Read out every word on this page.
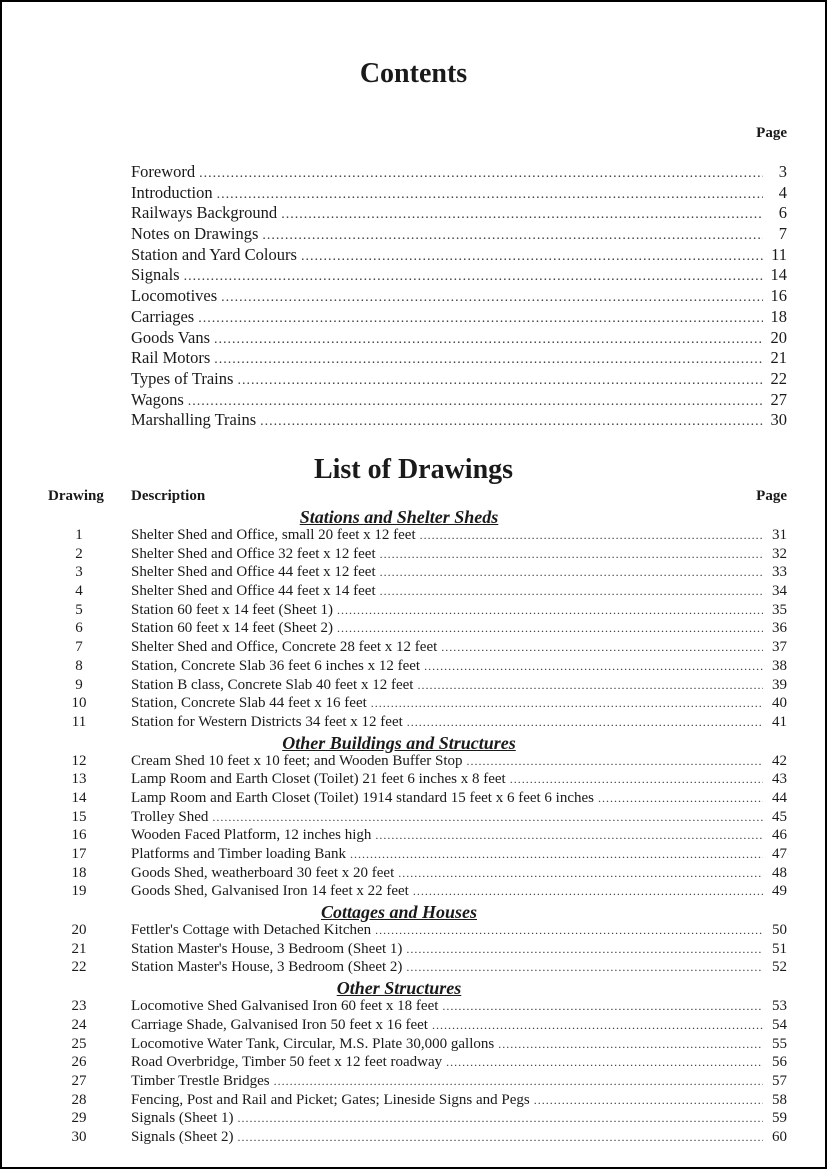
Contents
Page
Foreword .....	3
Introduction .....	4
Railways Background .....	6
Notes on Drawings .....	7
Station and Yard Colours .....	11
Signals .....	14
Locomotives .....	16
Carriages .....	18
Goods Vans .....	20
Rail Motors .....	21
Types of Trains .....	22
Wagons .....	27
Marshalling Trains .....	30
List of Drawings
Drawing Description	Page
Stations and Shelter Sheds
1	Shelter Shed and Office, small 20 feet x 12 feet .....	31
2	Shelter Shed and Office 32 feet x 12 feet .....	32
3	Shelter Shed and Office 44 feet x 12 feet .....	33
4	Shelter Shed and Office 44 feet x 14 feet .....	34
5	Station 60 feet x 14 feet (Sheet 1) .....	35
6	Station 60 feet x 14 feet (Sheet 2) .....	36
7	Shelter Shed and Office, Concrete 28 feet x 12 feet .....	37
8	Station, Concrete Slab 36 feet 6 inches x 12 feet .....	38
9	Station B class, Concrete Slab 40 feet x 12 feet .....	39
10	Station, Concrete Slab 44 feet x 16 feet .....	40
11	Station for Western Districts 34 feet x 12 feet .....	41
Other Buildings and Structures
12	Cream Shed 10 feet x 10 feet; and Wooden Buffer Stop .....	42
13	Lamp Room and Earth Closet (Toilet) 21 feet 6 inches x 8 feet .....	43
14	Lamp Room and Earth Closet (Toilet) 1914 standard 15 feet x 6 feet 6 inches .....	44
15	Trolley Shed .....	45
16	Wooden Faced Platform, 12 inches high .....	46
17	Platforms and Timber loading Bank .....	47
18	Goods Shed, weatherboard 30 feet x 20 feet .....	48
19	Goods Shed, Galvanised Iron 14 feet x 22 feet .....	49
Cottages and Houses
20	Fettler's Cottage with Detached Kitchen .....	50
21	Station Master's House, 3 Bedroom (Sheet 1) .....	51
22	Station Master's House, 3 Bedroom (Sheet 2) .....	52
Other Structures
23	Locomotive Shed Galvanised Iron 60 feet x 18 feet .....	53
24	Carriage Shade, Galvanised Iron 50 feet x 16 feet .....	54
25	Locomotive Water Tank, Circular, M.S. Plate 30,000 gallons .....	55
26	Road Overbridge, Timber 50 feet x 12 feet roadway .....	56
27	Timber Trestle Bridges .....	57
28	Fencing, Post and Rail and Picket; Gates; Lineside Signs and Pegs .....	58
29	Signals (Sheet 1) .....	59
30	Signals (Sheet 2) .....	60
